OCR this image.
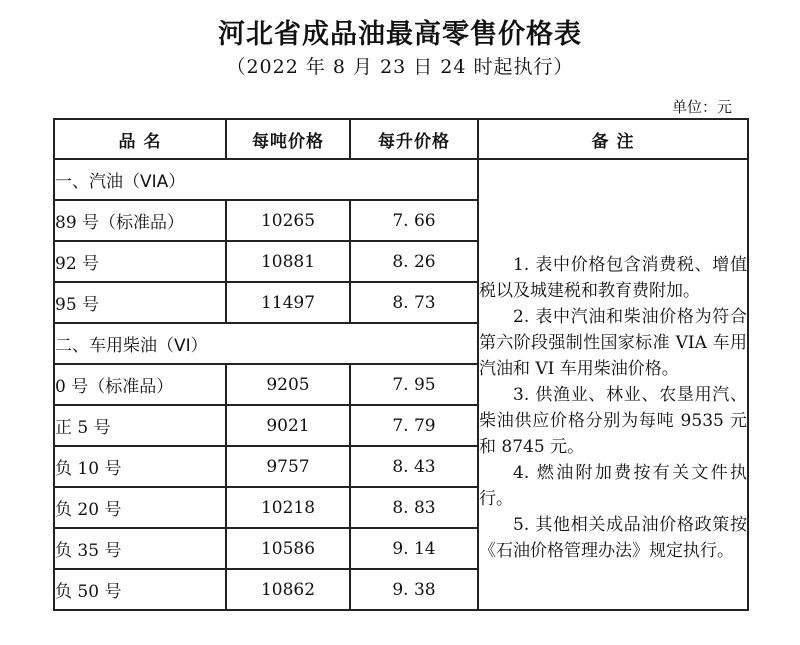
河北省成品油最高零售价格表
（2022 年 8 月 23 日 24 时起执行）
单位：元
品 名	每吨价格	每升价格	备 注
一、汽油（VIA）			1. 表中价格包含消费税、增值税以及城建税和教育费附加。
2. 表中汽油和柴油价格为符合第六阶段强制性国家标准 VIA 车用汽油和 VI 车用柴油价格。
3. 供渔业、林业、农垦用汽、柴油供应价格分别为每吨 9535 元和 8745 元。
4. 燃油附加费按有关文件执行。
5. 其他相关成品油价格政策按《石油价格管理办法》规定执行。

89 号（标准品）	10265	7. 66	
92 号	10881	8. 26	
95 号	11497	8. 73	
二、车用柴油（VI）			
0 号（标准品）	9205	7. 95	
正 5 号	9021	7. 79	
负 10 号	9757	8. 43	
负 20 号	10218	8. 83	
负 35 号	10586	9. 14	
负 50 号	10862	9. 38	
